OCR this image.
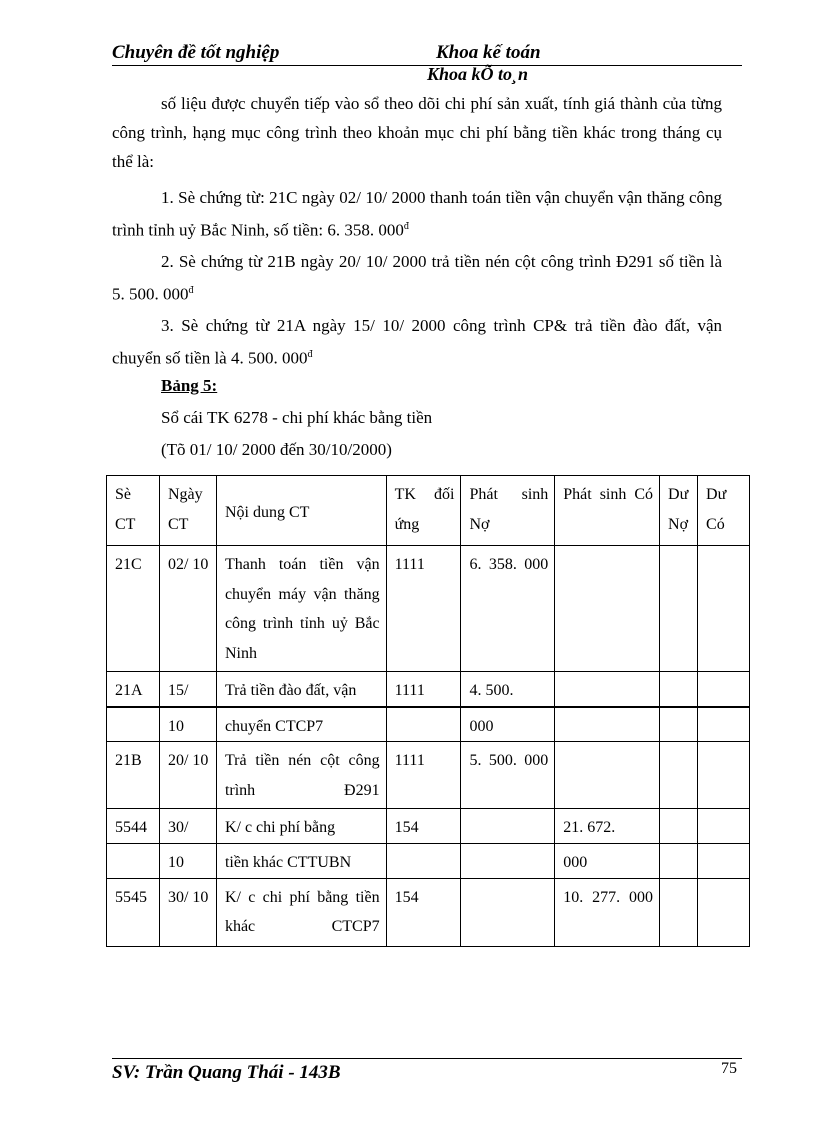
Chuyên đề tốt nghiệp	Khoa kế toán
Khoa kÕ to¸n
số liệu được chuyển tiếp vào sổ theo dõi chi phí sản xuất, tính giá thành của từng công trình, hạng mục công trình theo khoản mục chi phí bằng tiền khác trong tháng cụ thể là:
1. Sè chứng từ: 21C ngày 02/ 10/ 2000 thanh toán tiền vận chuyển vận thăng công trình tỉnh uỷ Bắc Ninh, số tiền: 6. 358. $000^đ$
2. Sè chứng từ 21B ngày 20/ 10/ 2000 trả tiền nén cột công trình Đ291 số tiền là 5. 500. $000^đ$
3. Sè chứng từ 21A ngày 15/ 10/ 2000 công trình CP& trả tiền đào đất, vận chuyển số tiền là 4. 500. $000^đ$
Bảng 5:
Sổ cái TK 6278 - chi phí khác bằng tiền
(Tõ 01/ 10/ 2000 đến 30/10/2000)
Sè CT	Ngày CT	Nội dung CT	TK đối ứng	Phát sinh Nợ	Phát sinh Có	Dư Nợ	Dư Có
21C	02/ 10	Thanh toán tiền vận chuyển máy vận thăng công trình tỉnh uỷ Bắc Ninh	1111	6. 358. 000			
21A	15/	Trả tiền đào đất, vận	1111	4. 500.			
	10	chuyển CTCP7		000			
21B	20/ 10	Trả tiền nén cột công trình Đ291	1111	5. 500. 000			
5544	30/	K/ c chi phí bằng	154		21. 672.		
	10	tiền khác CTTUBN			000		
5545	30/ 10	K/ c chi phí bằng tiền khác CTCP7	154		10. 277. 000		
SV: Trần Quang Thái - 143B	75
